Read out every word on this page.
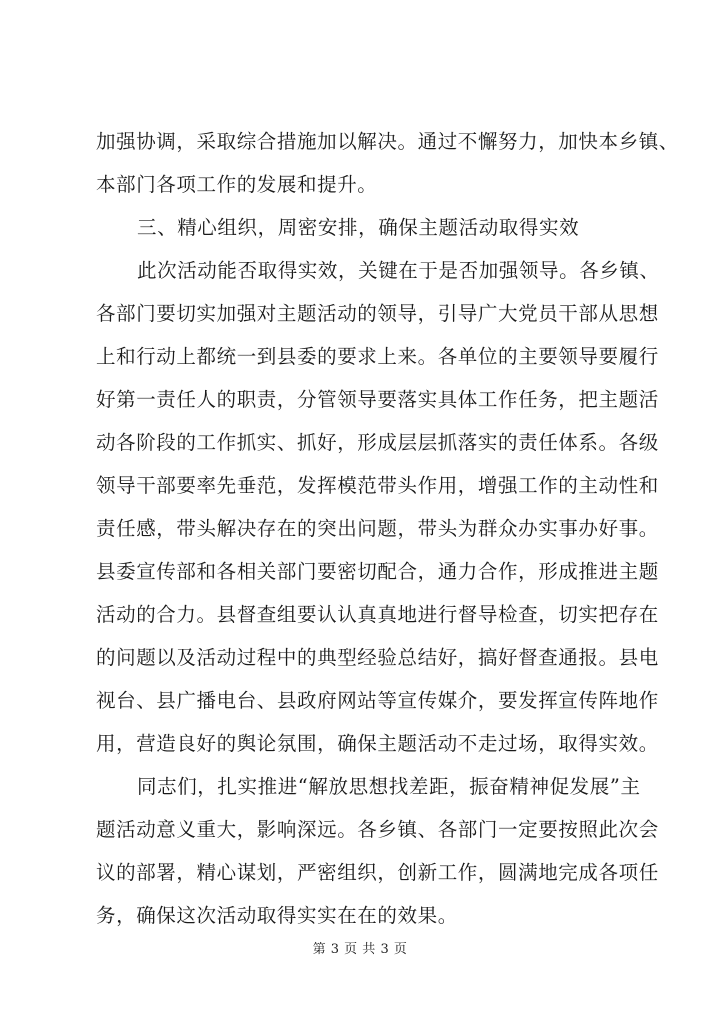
加强协调，采取综合措施加以解决。通过不懈努力，加快本乡镇、
本部门各项工作的发展和提升。
三、精心组织，周密安排，确保主题活动取得实效
此次活动能否取得实效，关键在于是否加强领导。各乡镇、
各部门要切实加强对主题活动的领导，引导广大党员干部从思想
上和行动上都统一到县委的要求上来。各单位的主要领导要履行
好第一责任人的职责，分管领导要落实具体工作任务，把主题活
动各阶段的工作抓实、抓好，形成层层抓落实的责任体系。各级
领导干部要率先垂范，发挥模范带头作用，增强工作的主动性和
责任感，带头解决存在的突出问题，带头为群众办实事办好事。
县委宣传部和各相关部门要密切配合，通力合作，形成推进主题
活动的合力。县督查组要认认真真地进行督导检查，切实把存在
的问题以及活动过程中的典型经验总结好，搞好督查通报。县电
视台、县广播电台、县政府网站等宣传媒介，要发挥宣传阵地作
用，营造良好的舆论氛围，确保主题活动不走过场，取得实效。
同志们，扎实推进“解放思想找差距，振奋精神促发展”主
题活动意义重大，影响深远。各乡镇、各部门一定要按照此次会
议的部署，精心谋划，严密组织，创新工作，圆满地完成各项任
务，确保这次活动取得实实在在的效果。
第 3 页 共 3 页
